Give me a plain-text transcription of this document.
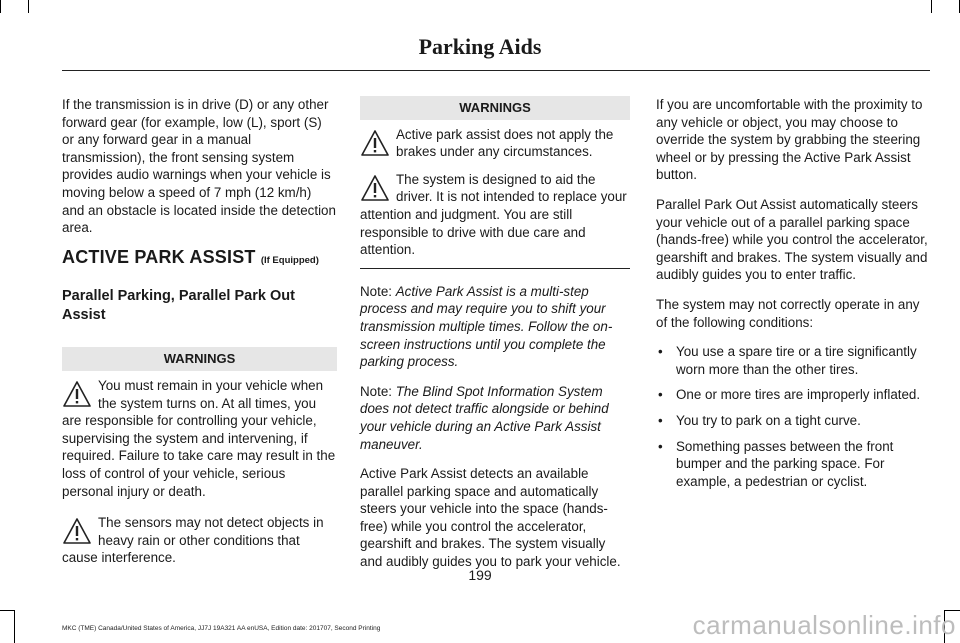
Parking Aids

If the transmission is in drive (D) or any other forward gear (for example, low (L), sport (S) or any forward gear in a manual transmission), the front sensing system provides audio warnings when your vehicle is moving below a speed of 7 mph (12 km/h) and an obstacle is located inside the detection area.

ACTIVE PARK ASSIST (If Equipped)
Parallel Parking, Parallel Park Out Assist
WARNINGS
You must remain in your vehicle when the system turns on. At all times, you are responsible for controlling your vehicle, supervising the system and intervening, if required. Failure to take care may result in the loss of control of your vehicle, serious personal injury or death.
The sensors may not detect objects in heavy rain or other conditions that cause interference.
WARNINGS
Active park assist does not apply the brakes under any circumstances.
The system is designed to aid the driver. It is not intended to replace your attention and judgment. You are still responsible to drive with due care and attention.

Note: Active Park Assist is a multi-step process and may require you to shift your transmission multiple times. Follow the on-screen instructions until you complete the parking process.

Note: The Blind Spot Information System does not detect traffic alongside or behind your vehicle during an Active Park Assist maneuver.

Active Park Assist detects an available parallel parking space and automatically steers your vehicle into the space (hands-free) while you control the accelerator, gearshift and brakes. The system visually and audibly guides you to park your vehicle.

If you are uncomfortable with the proximity to any vehicle or object, you may choose to override the system by grabbing the steering wheel or by pressing the Active Park Assist button.

Parallel Park Out Assist automatically steers your vehicle out of a parallel parking space (hands-free) while you control the accelerator, gearshift and brakes. The system visually and audibly guides you to enter traffic.

The system may not correctly operate in any of the following conditions:

• You use a spare tire or a tire significantly worn more than the other tires.
• One or more tires are improperly inflated.
• You try to park on a tight curve.
• Something passes between the front bumper and the parking space. For example, a pedestrian or cyclist.
199
MKC (TME) Canada/United States of America, JJ7J 19A321 AA enUSA, Edition date: 201707, Second Printing	carmanualsonline.info
